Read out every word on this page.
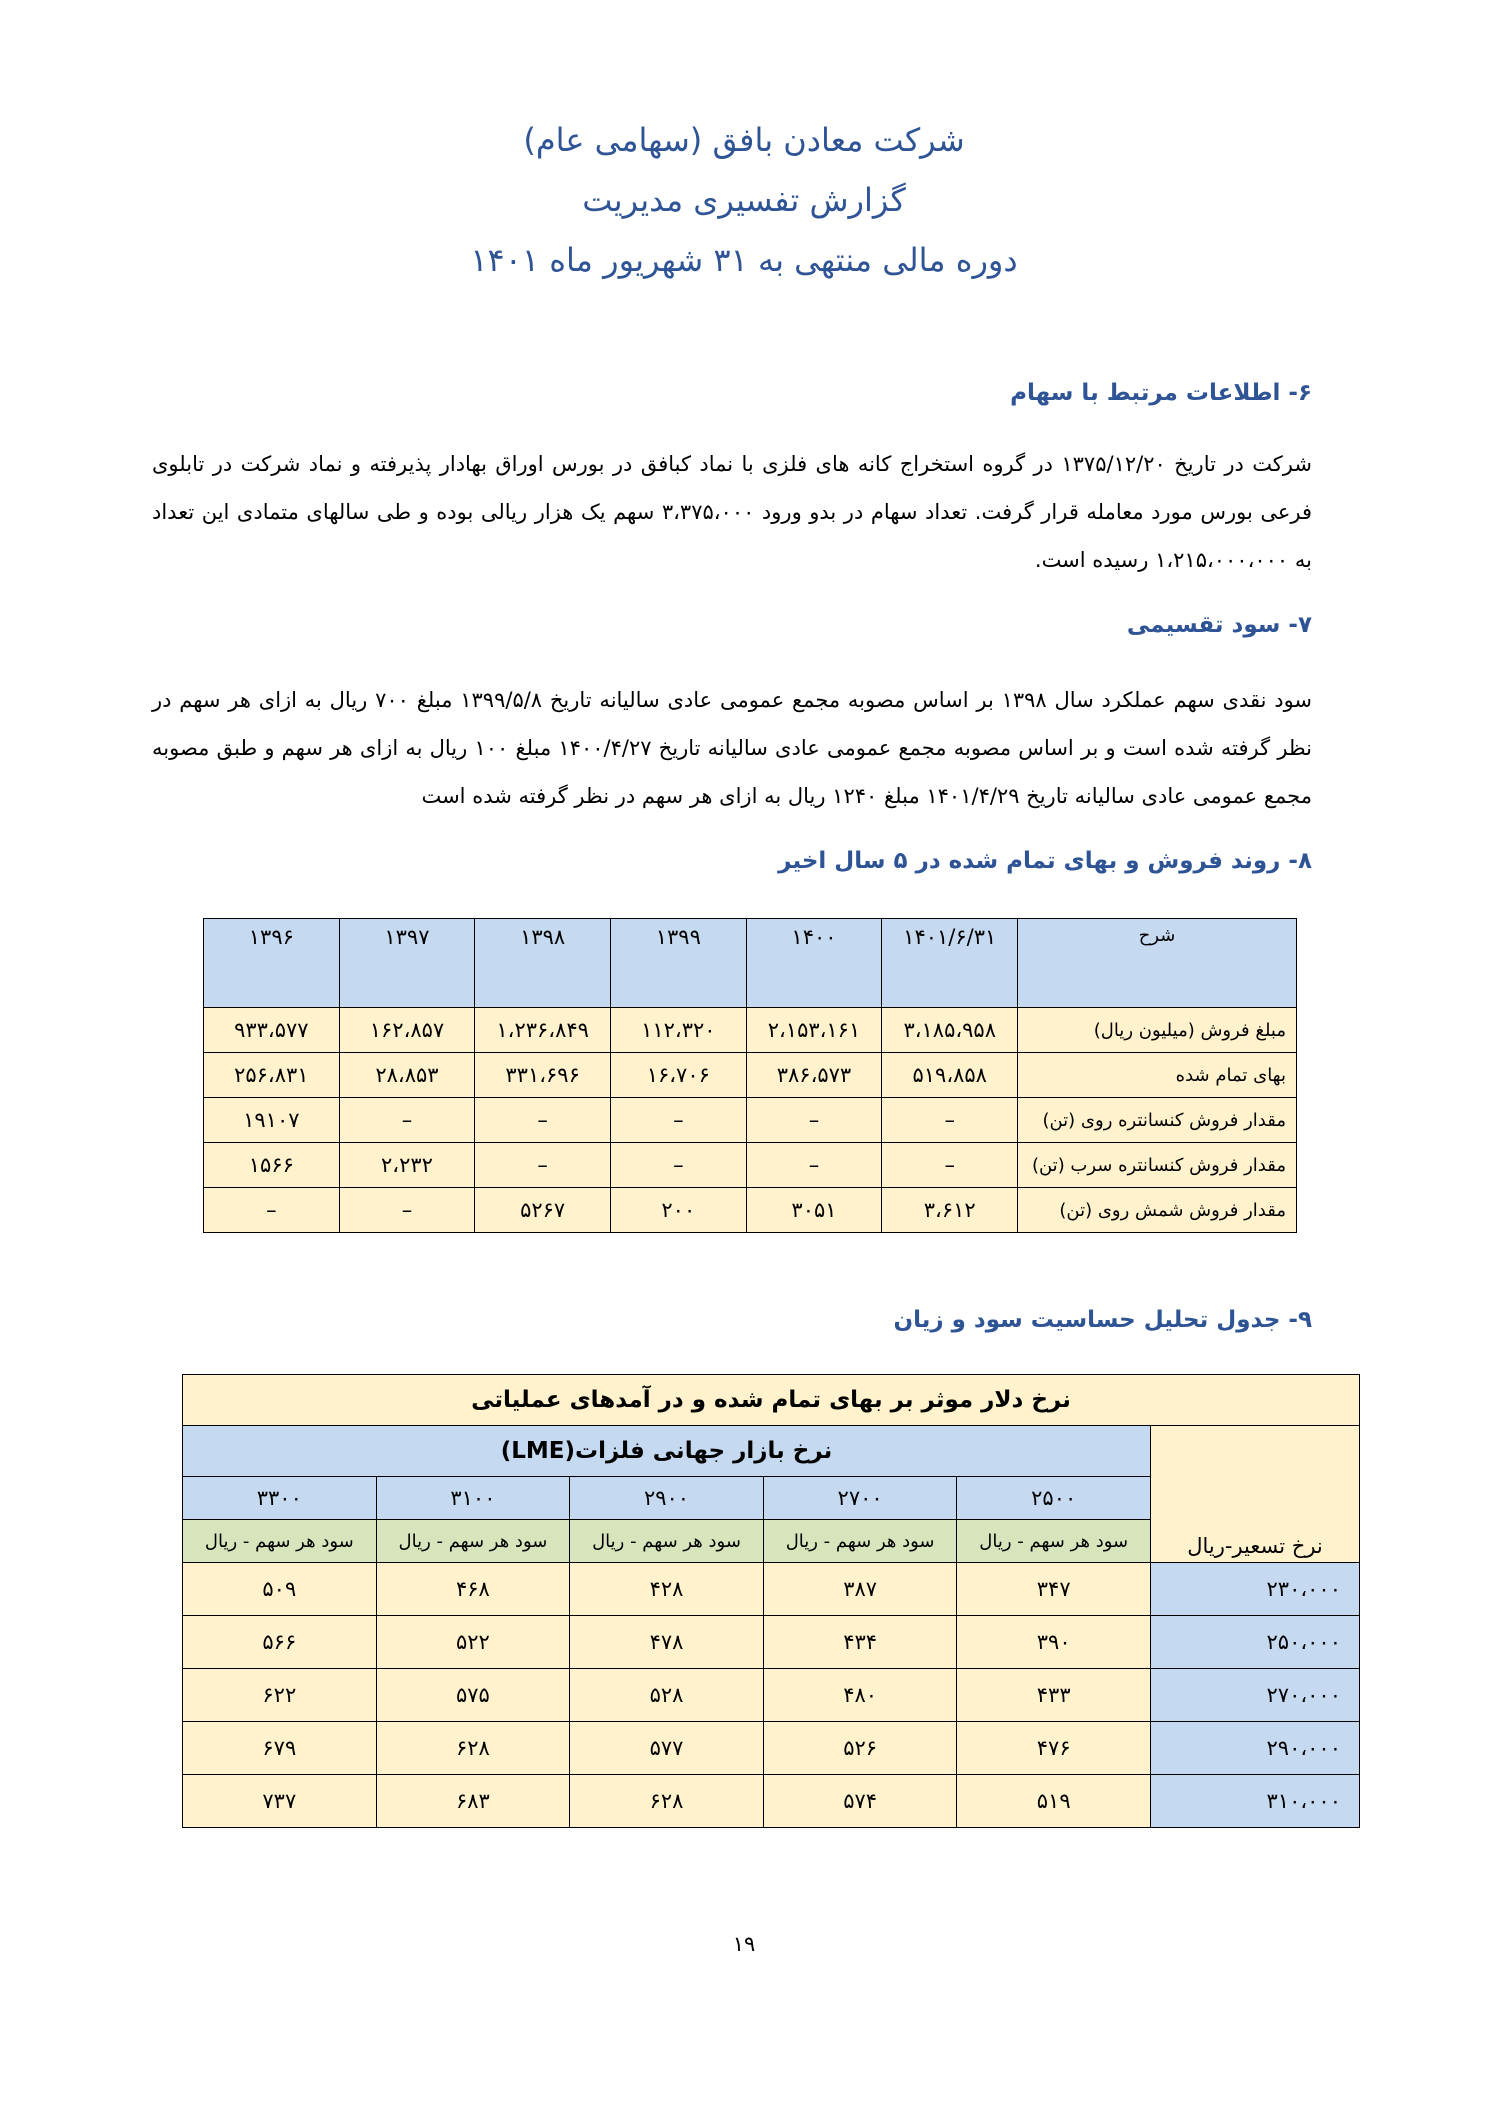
شرکت معادن بافق (سهامی عام)
گزارش تفسیری مدیریت
دوره مالی منتهی به ۳۱ شهریور ماه ۱۴۰۱
۶- اطلاعات مرتبط با سهام
شرکت در تاریخ ۱۳۷۵/۱۲/۲۰ در گروه استخراج کانه های فلزی با نماد کبافق در بورس اوراق بهادار پذیرفته و نماد شرکت در تابلوی فرعی بورس مورد معامله قرار گرفت. تعداد سهام در بدو ورود ۳،۳۷۵،۰۰۰ سهم یک هزار ریالی بوده و طی سالهای متمادی این تعداد به ۱،۲۱۵،۰۰۰،۰۰۰ رسیده است.
۷- سود تقسیمی
سود نقدی سهم عملکرد سال ۱۳۹۸ بر اساس مصوبه مجمع عمومی عادی سالیانه تاریخ ۱۳۹۹/۵/۸ مبلغ ۷۰۰ ریال به ازای هر سهم در نظر گرفته شده است و بر اساس مصوبه مجمع عمومی عادی سالیانه تاریخ ۱۴۰۰/۴/۲۷ مبلغ ۱۰۰ ریال به ازای هر سهم و طبق مصوبه مجمع عمومی عادی سالیانه تاریخ ۱۴۰۱/۴/۲۹ مبلغ ۱۲۴۰ ریال به ازای هر سهم در نظر گرفته شده است
۸- روند فروش و بهای تمام شده در ۵ سال اخیر
شرح	۱۴۰۱/۶/۳۱	۱۴۰۰	۱۳۹۹	۱۳۹۸	۱۳۹۷	۱۳۹۶
مبلغ فروش (میلیون ریال)	۳،۱۸۵،۹۵۸	۲،۱۵۳،۱۶۱	۱۱۲،۳۲۰	۱،۲۳۶،۸۴۹	۱۶۲،۸۵۷	۹۳۳،۵۷۷
بهای تمام شده	۵۱۹،۸۵۸	۳۸۶،۵۷۳	۱۶،۷۰۶	۳۳۱،۶۹۶	۲۸،۸۵۳	۲۵۶،۸۳۱
مقدار فروش کنسانتره روی (تن)	–	–	–	–	–	۱۹۱۰۷
مقدار فروش کنسانتره سرب (تن)	–	–	–	–	۲،۲۳۲	۱۵۶۶
مقدار فروش شمش روی (تن)	۳،۶۱۲	۳۰۵۱	۲۰۰	۵۲۶۷	–	–
۹- جدول تحلیل حساسیت سود و زیان
نرخ دلار موثر بر بهای تمام شده و در آمدهای عملیاتی					
نرخ تسعیر-ریال	نرخ بازار جهانی فلزات(LME)				
	۲۵۰۰	۲۷۰۰	۲۹۰۰	۳۱۰۰	۳۳۰۰
	سود هر سهم - ریال	سود هر سهم - ریال	سود هر سهم - ریال	سود هر سهم - ریال	سود هر سهم - ریال
۲۳۰،۰۰۰	۳۴۷	۳۸۷	۴۲۸	۴۶۸	۵۰۹
۲۵۰،۰۰۰	۳۹۰	۴۳۴	۴۷۸	۵۲۲	۵۶۶
۲۷۰،۰۰۰	۴۳۳	۴۸۰	۵۲۸	۵۷۵	۶۲۲
۲۹۰،۰۰۰	۴۷۶	۵۲۶	۵۷۷	۶۲۸	۶۷۹
۳۱۰،۰۰۰	۵۱۹	۵۷۴	۶۲۸	۶۸۳	۷۳۷
۱۹
